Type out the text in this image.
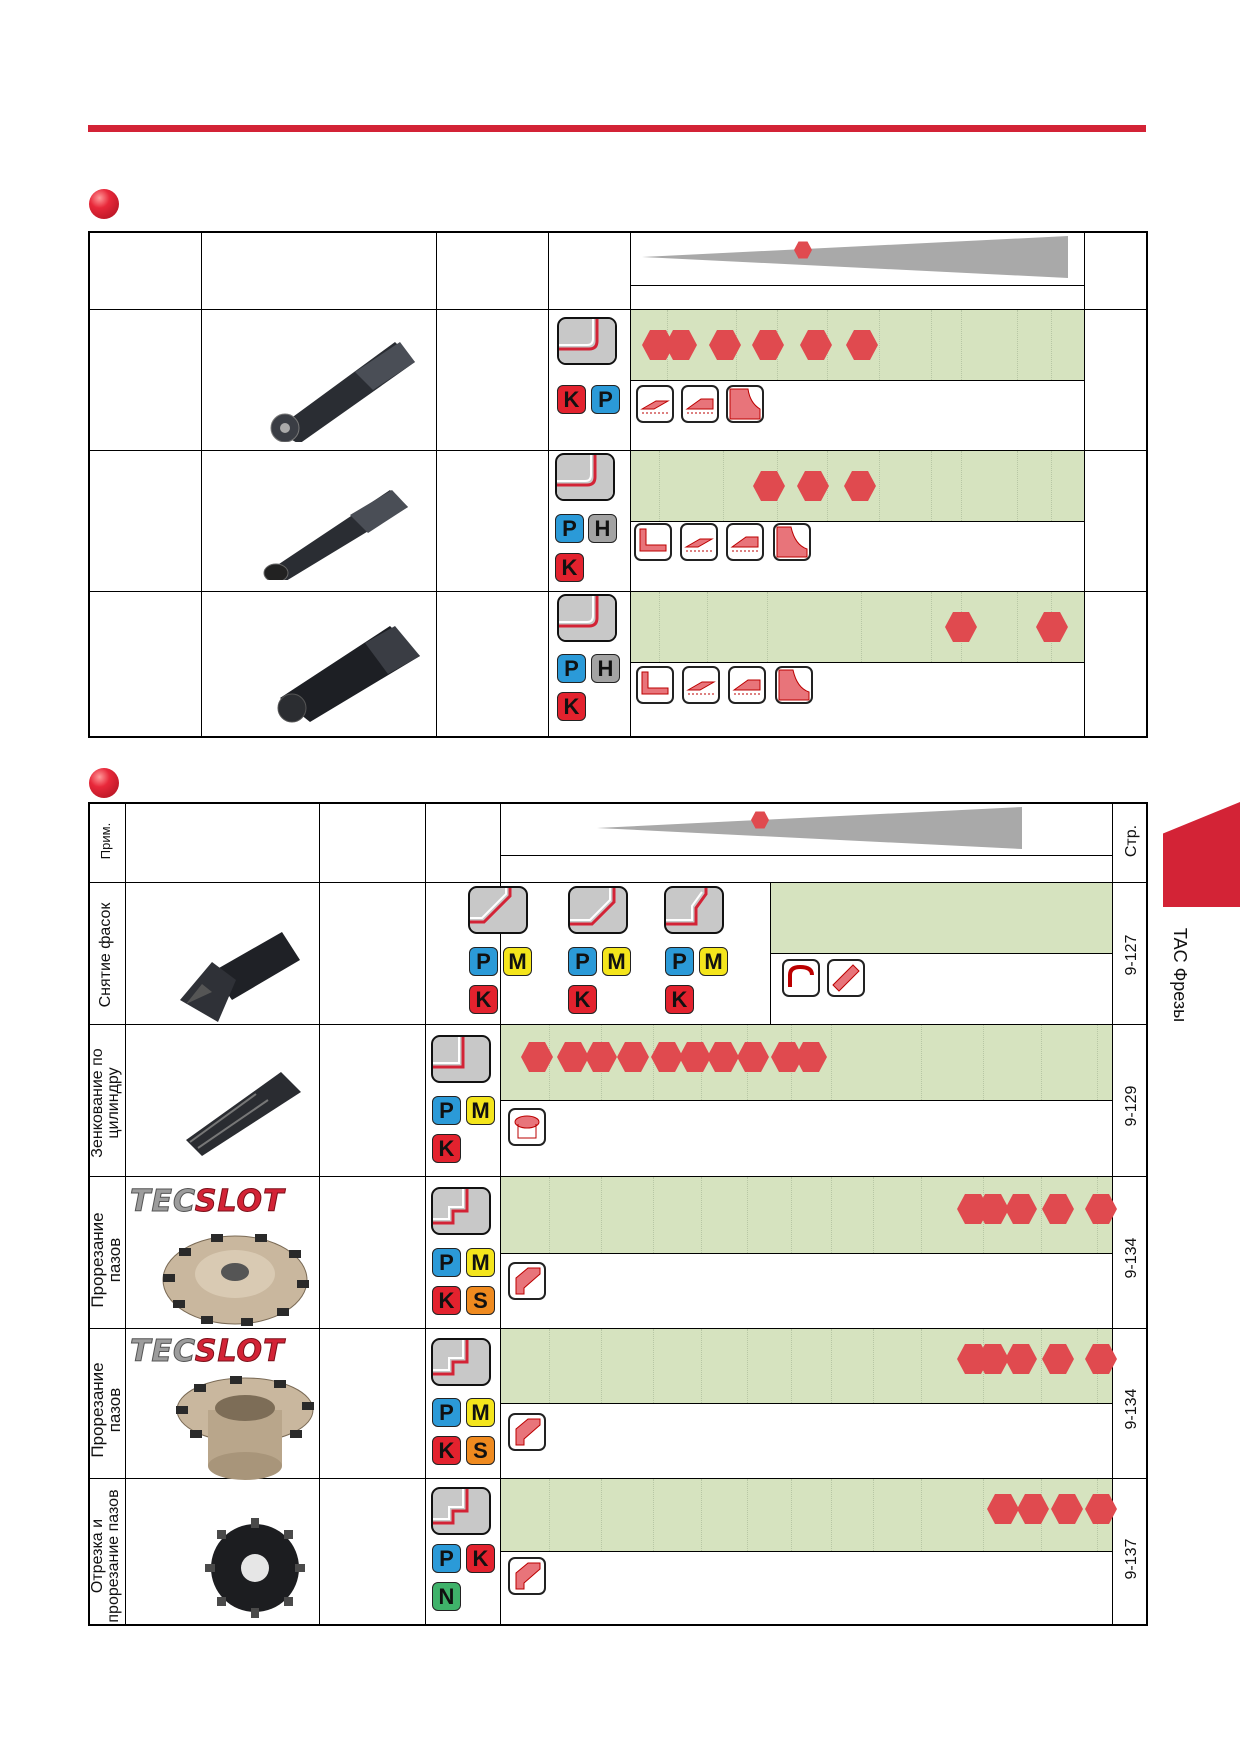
K P
P H
K
P H
K
Прим.	Стр.
Снятие фасок
Зенкование по
цилиндру
Прорезание
пазов
Прорезание
пазов
Отрезка и
прорезание пазов
9-127
9-129
9-134
9-134
9-137
P M
K
P M
K
P M
K
P M
K
P M
K S
P M
K S
P K
N
TECSLOT
TECSLOT
TAC Фрезы
